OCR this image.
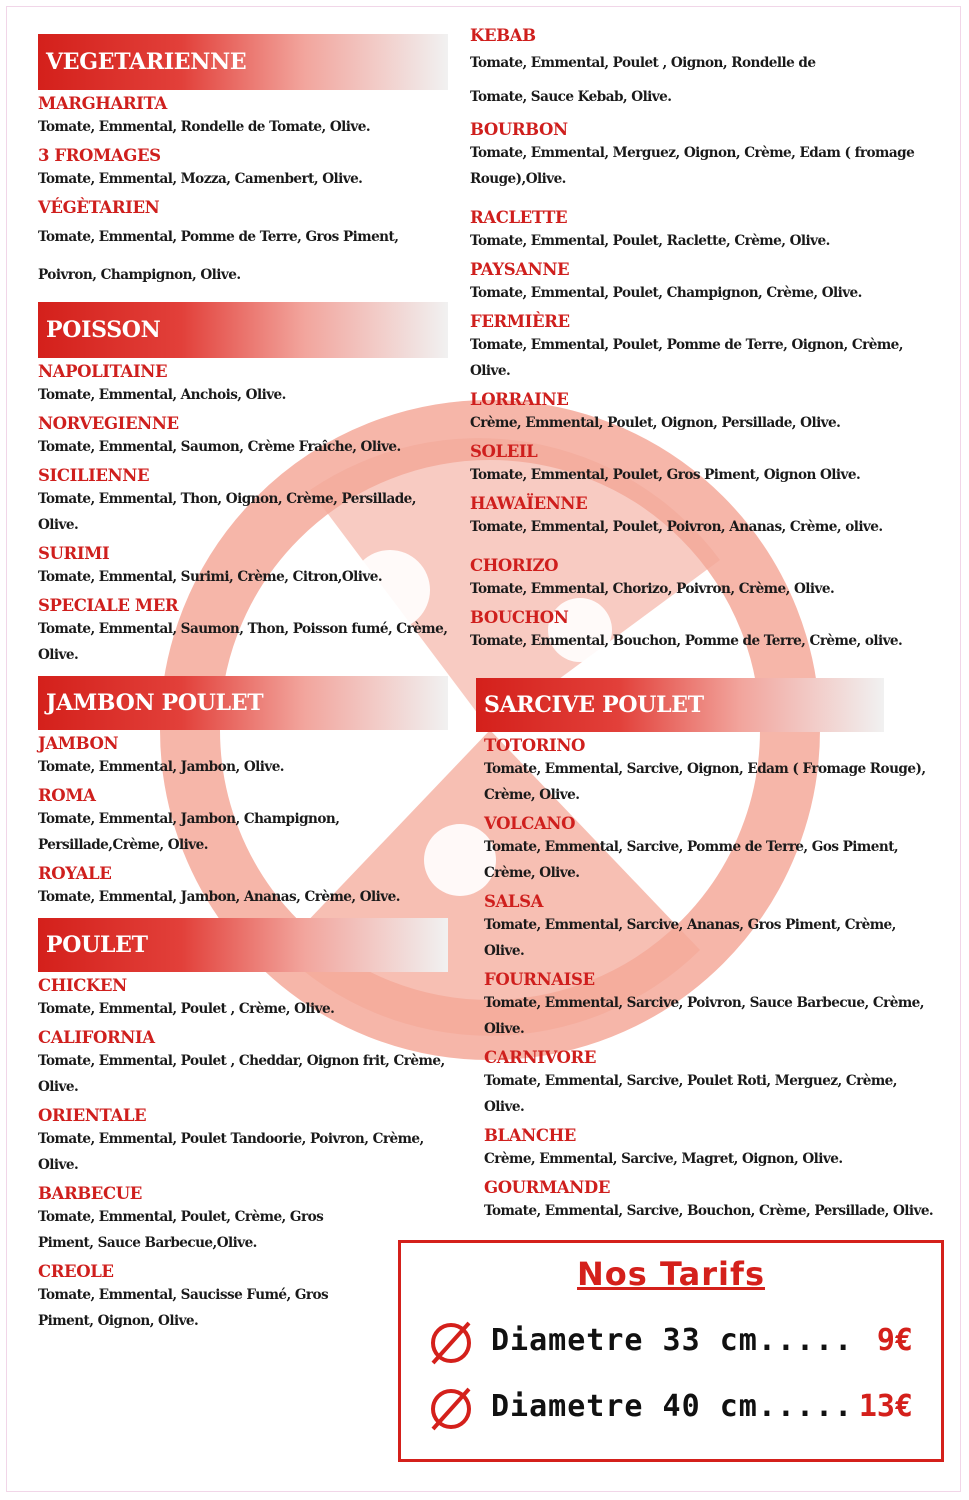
VEGETARIENNE
MARGHARITA
Tomate, Emmental, Rondelle de Tomate, Olive.
3 FROMAGES
Tomate, Emmental, Mozza, Camenbert, Olive.
VÉGÈTARIEN
Tomate, Emmental, Pomme de Terre, Gros Piment, Poivron, Champignon, Olive.
POISSON
NAPOLITAINE
Tomate, Emmental, Anchois, Olive.
NORVEGIENNE
Tomate, Emmental, Saumon, Crème Fraîche, Olive.
SICILIENNE
Tomate, Emmental, Thon, Oignon, Crème, Persillade, Olive.
SURIMI
Tomate, Emmental, Surimi, Crème, Citron,Olive.
SPECIALE MER
Tomate, Emmental, Saumon, Thon, Poisson fumé, Crème, Olive.
JAMBON POULET
JAMBON
Tomate, Emmental, Jambon, Olive.
ROMA
Tomate, Emmental, Jambon, Champignon, Persillade,Crème, Olive.
ROYALE
Tomate, Emmental, Jambon, Ananas, Crème, Olive.
POULET
CHICKEN
Tomate, Emmental, Poulet , Crème, Olive.
CALIFORNIA
Tomate, Emmental, Poulet , Cheddar, Oignon frit, Crème, Olive.
ORIENTALE
Tomate, Emmental, Poulet Tandoorie, Poivron, Crème, Olive.
BARBECUE
Tomate, Emmental, Poulet, Crème, Gros Piment, Sauce Barbecue,Olive.
CREOLE
Tomate, Emmental, Saucisse Fumé, Gros Piment, Oignon, Olive.
KEBAB
Tomate, Emmental, Poulet , Oignon, Rondelle de Tomate, Sauce Kebab, Olive.
BOURBON
Tomate, Emmental, Merguez, Oignon, Crème, Edam ( fromage Rouge),Olive.
RACLETTE
Tomate, Emmental, Poulet, Raclette, Crème, Olive.
PAYSANNE
Tomate, Emmental, Poulet, Champignon, Crème, Olive.
FERMIÈRE
Tomate, Emmental, Poulet, Pomme de Terre, Oignon, Crème, Olive.
LORRAINE
Crème, Emmental, Poulet, Oignon, Persillade, Olive.
SOLEIL
Tomate, Emmental, Poulet, Gros Piment, Oignon Olive.
HAWAÏENNE
Tomate, Emmental, Poulet, Poivron, Ananas, Crème, olive.
CHORIZO
Tomate, Emmental, Chorizo, Poivron, Crème, Olive.
BOUCHON
Tomate, Emmental, Bouchon, Pomme de Terre, Crème, olive.
SARCIVE POULET
TOTORINO
Tomate, Emmental, Sarcive, Oignon, Edam ( Fromage Rouge), Crème, Olive.
VOLCANO
Tomate, Emmental, Sarcive, Pomme de Terre, Gos Piment, Crème, Olive.
SALSA
Tomate, Emmental, Sarcive, Ananas, Gros Piment, Crème, Olive.
FOURNAISE
Tomate, Emmental, Sarcive, Poivron, Sauce Barbecue, Crème, Olive.
CARNIVORE
Tomate, Emmental, Sarcive, Poulet Roti, Merguez, Crème, Olive.
BLANCHE
Crème, Emmental, Sarcive, Magret, Oignon, Olive.
GOURMANDE
Tomate, Emmental, Sarcive, Bouchon, Crème, Persillade, Olive.
Nos Tarifs
Diametre 33 cm..... 9€
Diametre 40 cm..... 13€
